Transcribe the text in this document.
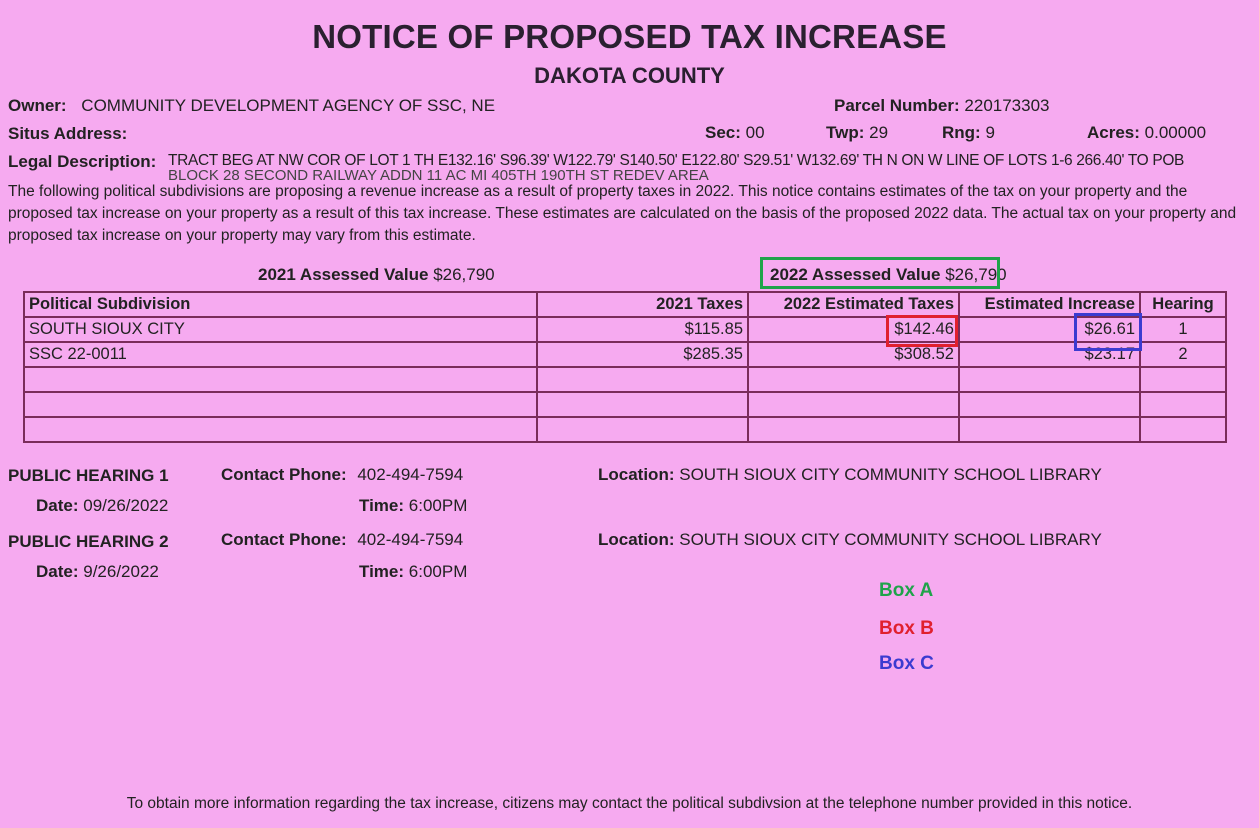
NOTICE OF PROPOSED TAX INCREASE
DAKOTA COUNTY
Owner: COMMUNITY DEVELOPMENT AGENCY OF SSC, NE	Parcel Number: 220173303
Situs Address:	Sec: 00	Twp: 29	Rng: 9	Acres: 0.00000
Legal Description: TRACT BEG AT NW COR OF LOT 1 TH E132.16' S96.39' W122.79' S140.50' E122.80' S29.51' W132.69' TH N ON W LINE OF LOTS 1-6 266.40' TO POB
BLOCK 28 SECOND RAILWAY ADDN 11 AC MI 405TH 190TH ST REDEV AREA
The following political subdivisions are proposing a revenue increase as a result of property taxes in 2022. This notice contains estimates of the tax on your property and the proposed tax increase on your property as a result of this tax increase. These estimates are calculated on the basis of the proposed 2022 data. The actual tax on your property and proposed tax increase on your property may vary from this estimate.
2021 Assessed Value $26,790	2022 Assessed Value $26,790
Political Subdivision	2021 Taxes	2022 Estimated Taxes	Estimated Increase	Hearing
SOUTH SIOUX CITY	$115.85	$142.46	$26.61	1
SSC 22-0011	$285.35	$308.52	$23.17	2

PUBLIC HEARING 1	Contact Phone: 402-494-7594	Location: SOUTH SIOUX CITY COMMUNITY SCHOOL LIBRARY
Date: 09/26/2022	Time: 6:00PM
PUBLIC HEARING 2	Contact Phone: 402-494-7594	Location: SOUTH SIOUX CITY COMMUNITY SCHOOL LIBRARY
Date: 9/26/2022	Time: 6:00PM
Box A
Box B
Box C
To obtain more information regarding the tax increase, citizens may contact the political subdivsion at the telephone number provided in this notice.
